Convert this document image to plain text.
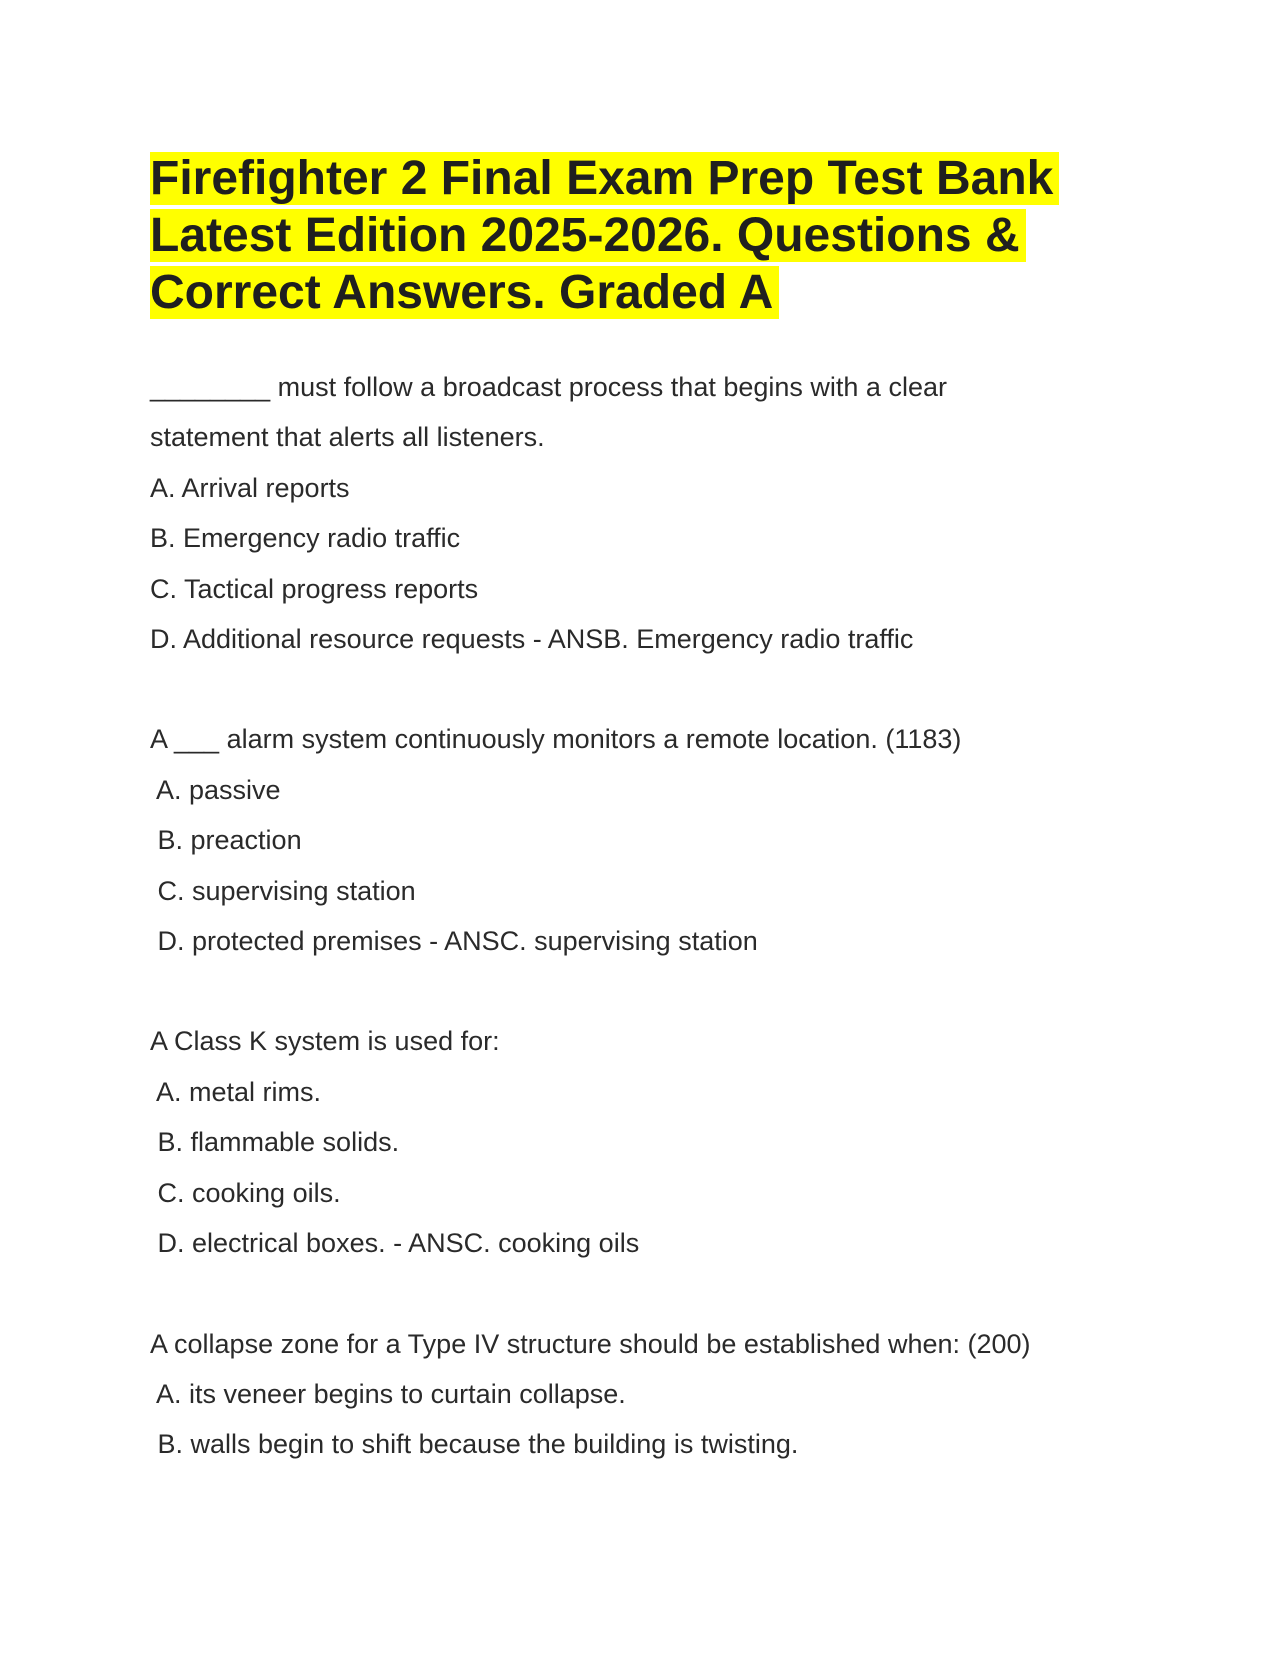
Firefighter 2 Final Exam Prep Test Bank
Latest Edition 2025-2026. Questions &
Correct Answers. Graded A
________ must follow a broadcast process that begins with a clear
statement that alerts all listeners.
A. Arrival reports
B. Emergency radio traffic
C. Tactical progress reports
D. Additional resource requests - ANSB. Emergency radio traffic
A ___ alarm system continuously monitors a remote location. (1183)
A. passive
B. preaction
C. supervising station
D. protected premises - ANSC. supervising station
A Class K system is used for:
A. metal rims.
B. flammable solids.
C. cooking oils.
D. electrical boxes. - ANSC. cooking oils
A collapse zone for a Type IV structure should be established when: (200)
A. its veneer begins to curtain collapse.
B. walls begin to shift because the building is twisting.
